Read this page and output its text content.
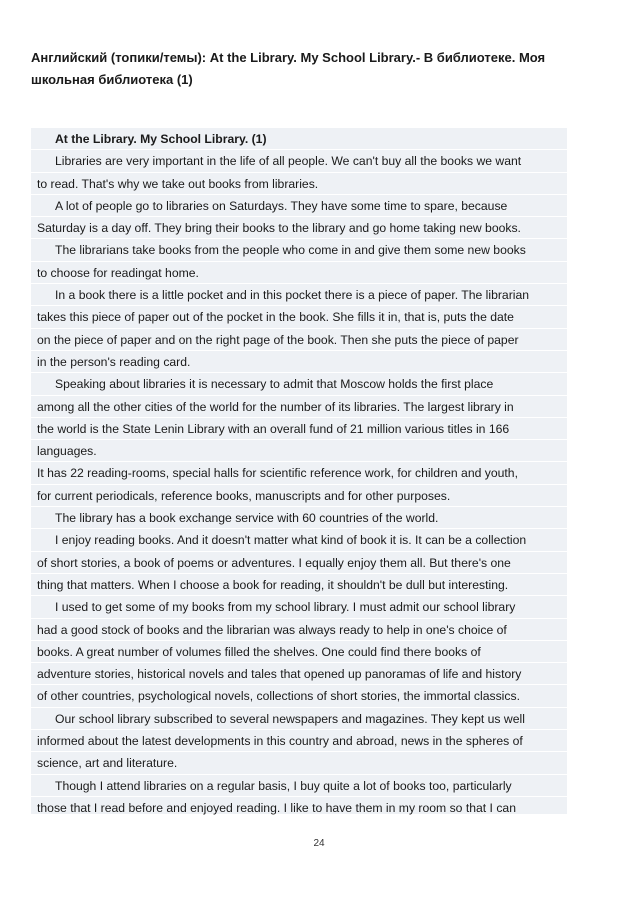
Английский (топики/темы): At the Library. My School Library.- В библиотеке. Моя
школьная библиотека (1)
At the Library. My School Library. (1)
Libraries are very important in the life of all people. We can't buy all the books we want
to read. That's why we take out books from libraries.
A lot of people go to libraries on Saturdays. They have some time to spare, because
Saturday is a day off. They bring their books to the library and go home taking new books.
The librarians take books from the people who come in and give them some new books
to choose for readingat home.
In a book there is a little pocket and in this pocket there is a piece of paper. The librarian
takes this piece of paper out of the pocket in the book. She fills it in, that is, puts the date
on the piece of paper and on the right page of the book. Then she puts the piece of paper
in the person's reading card.
Speaking about libraries it is necessary to admit that Moscow holds the first place
among all the other cities of the world for the number of its libraries. The largest library in
the world is the State Lenin Library with an overall fund of 21 million various titles in 166
languages.
It has 22 reading-rooms, special halls for scientific reference work, for children and youth,
for current periodicals, reference books, manuscripts and for other purposes.
The library has a book exchange service with 60 countries of the world.
I enjoy reading books. And it doesn't matter what kind of book it is. It can be a collection
of short stories, a book of poems or adventures. I equally enjoy them all. But there's one
thing that matters. When I choose a book for reading, it shouldn't be dull but interesting.
I used to get some of my books from my school library. I must admit our school library
had a good stock of books and the librarian was always ready to help in one's choice of
books. A great number of volumes filled the shelves. One could find there books of
adventure stories, historical novels and tales that opened up panoramas of life and history
of other countries, psychological novels, collections of short stories, the immortal classics.
Our school library subscribed to several newspapers and magazines. They kept us well
informed about the latest developments in this country and abroad, news in the spheres of
science, art and literature.
Though I attend libraries on a regular basis, I buy quite a lot of books too, particularly
those that I read before and enjoyed reading. I like to have them in my room so that I can
24
